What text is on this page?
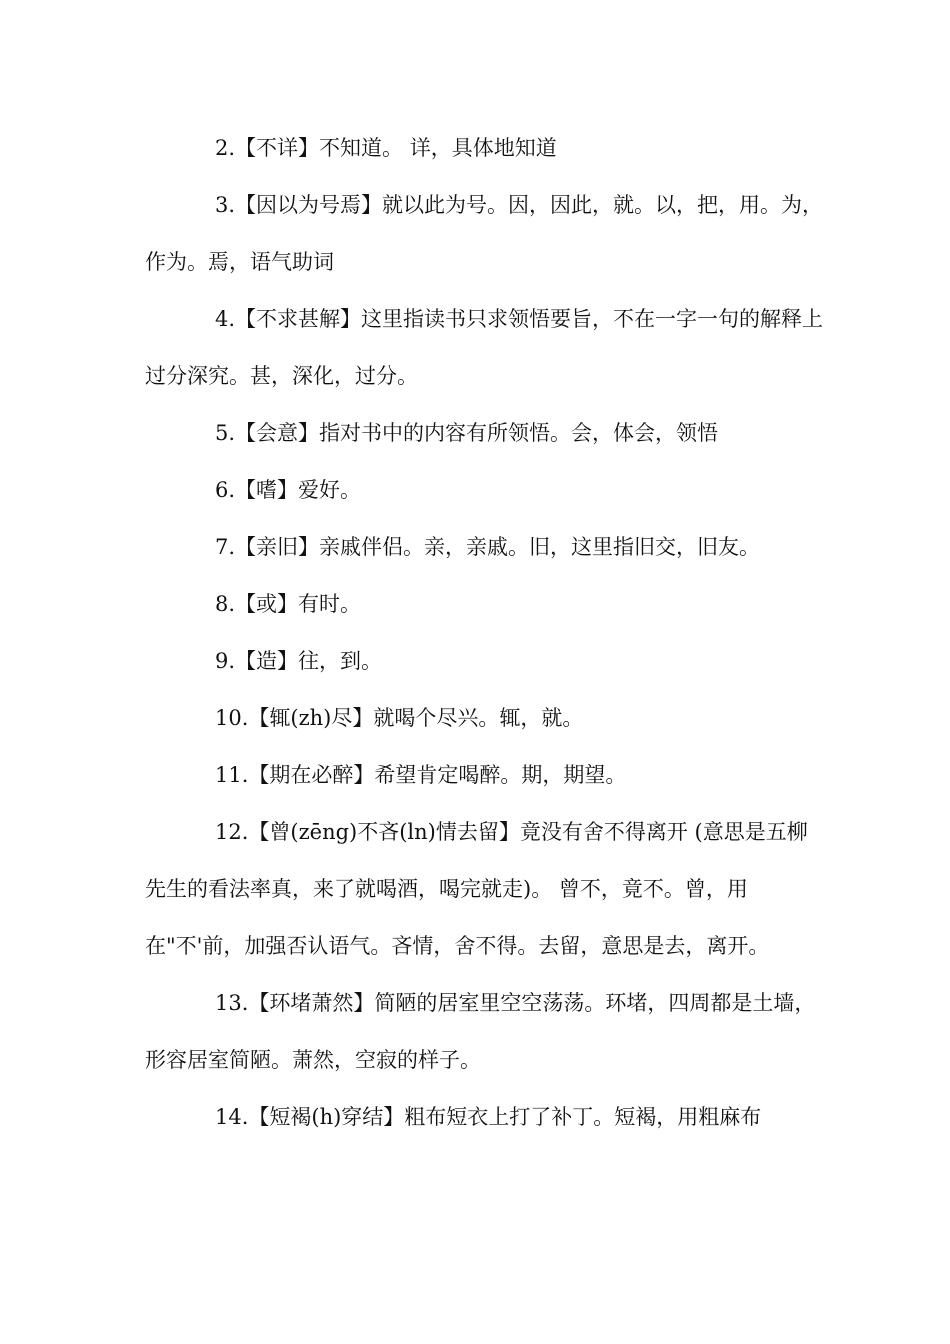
2.【不详】不知道。 详，具体地知道
3.【因以为号焉】就以此为号。因，因此，就。以，把，用。为，作为。焉，语气助词
4.【不求甚解】这里指读书只求领悟要旨，不在一字一句的解释上过分深究。甚，深化，过分。
5.【会意】指对书中的内容有所领悟。会，体会，领悟
6.【嗜】爱好。
7.【亲旧】亲戚伴侣。亲，亲戚。旧，这里指旧交，旧友。
8.【或】有时。
9.【造】往，到。
10.【辄(zh)尽】就喝个尽兴。辄，就。
11.【期在必醉】希望肯定喝醉。期，期望。
12.【曾(zēng)不吝(ln)情去留】竟没有舍不得离开 (意思是五柳先生的看法率真，来了就喝酒，喝完就走)。 曾不，竟不。曾，用在"不'前，加强否认语气。吝情，舍不得。去留，意思是去，离开。
13.【环堵萧然】简陋的居室里空空荡荡。环堵，四周都是土墙，形容居室简陋。萧然，空寂的样子。
14.【短褐(h)穿结】粗布短衣上打了补丁。短褐，用粗麻布
